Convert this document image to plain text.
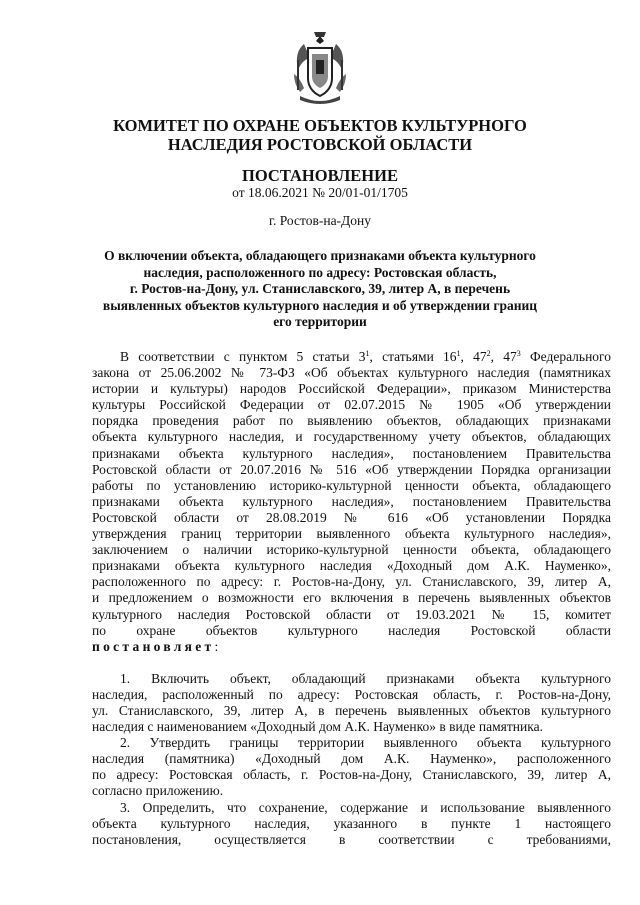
КОМИТЕТ ПО ОХРАНЕ ОБЪЕКТОВ КУЛЬТУРНОГО
НАСЛЕДИЯ РОСТОВСКОЙ ОБЛАСТИ
ПОСТАНОВЛЕНИЕ
от 18.06.2021 № 20/01-01/1705
г. Ростов-на-Дону
О включении объекта, обладающего признаками объекта культурного
наследия, расположенного по адресу: Ростовская область,
г. Ростов-на-Дону, ул. Станиславского, 39, литер А, в перечень
выявленных объектов культурного наследия и об утверждении границ
его территории
В соответствии с пунктом 5 статьи $3^1$, статьями $16^1$, $47^2$, $47^3$ Федерального
закона от 25.06.2002 № 73-ФЗ «Об объектах культурного наследия (памятниках
истории и культуры) народов Российской Федерации», приказом Министерства
культуры Российской Федерации от 02.07.2015 № 1905 «Об утверждении
порядка проведения работ по выявлению объектов, обладающих признаками
объекта культурного наследия, и государственному учету объектов, обладающих
признаками объекта культурного наследия», постановлением Правительства
Ростовской области от 20.07.2016 № 516 «Об утверждении Порядка организации
работы по установлению историко-культурной ценности объекта, обладающего
признаками объекта культурного наследия», постановлением Правительства
Ростовской области от 28.08.2019 № 616 «Об установлении Порядка
утверждения границ территории выявленного объекта культурного наследия»,
заключением о наличии историко-культурной ценности объекта, обладающего
признаками объекта культурного наследия «Доходный дом А.К. Науменко»,
расположенного по адресу: г. Ростов-на-Дону, ул. Станиславского, 39, литер А,
и предложением о возможности его включения в перечень выявленных объектов
культурного наследия Ростовской области от 19.03.2021 № 15, комитет
по охране объектов культурного наследия Ростовской области
постановляет:
1. Включить объект, обладающий признаками объекта культурного
наследия, расположенный по адресу: Ростовская область, г. Ростов-на-Дону,
ул. Станиславского, 39, литер А, в перечень выявленных объектов культурного
наследия с наименованием «Доходный дом А.К. Науменко» в виде памятника.
2. Утвердить границы территории выявленного объекта культурного
наследия (памятника) «Доходный дом А.К. Науменко», расположенного
по адресу: Ростовская область, г. Ростов-на-Дону, Станиславского, 39, литер А,
согласно приложению.
3. Определить, что сохранение, содержание и использование выявленного
объекта культурного наследия, указанного в пункте 1 настоящего
постановления, осуществляется в соответствии с требованиями,
